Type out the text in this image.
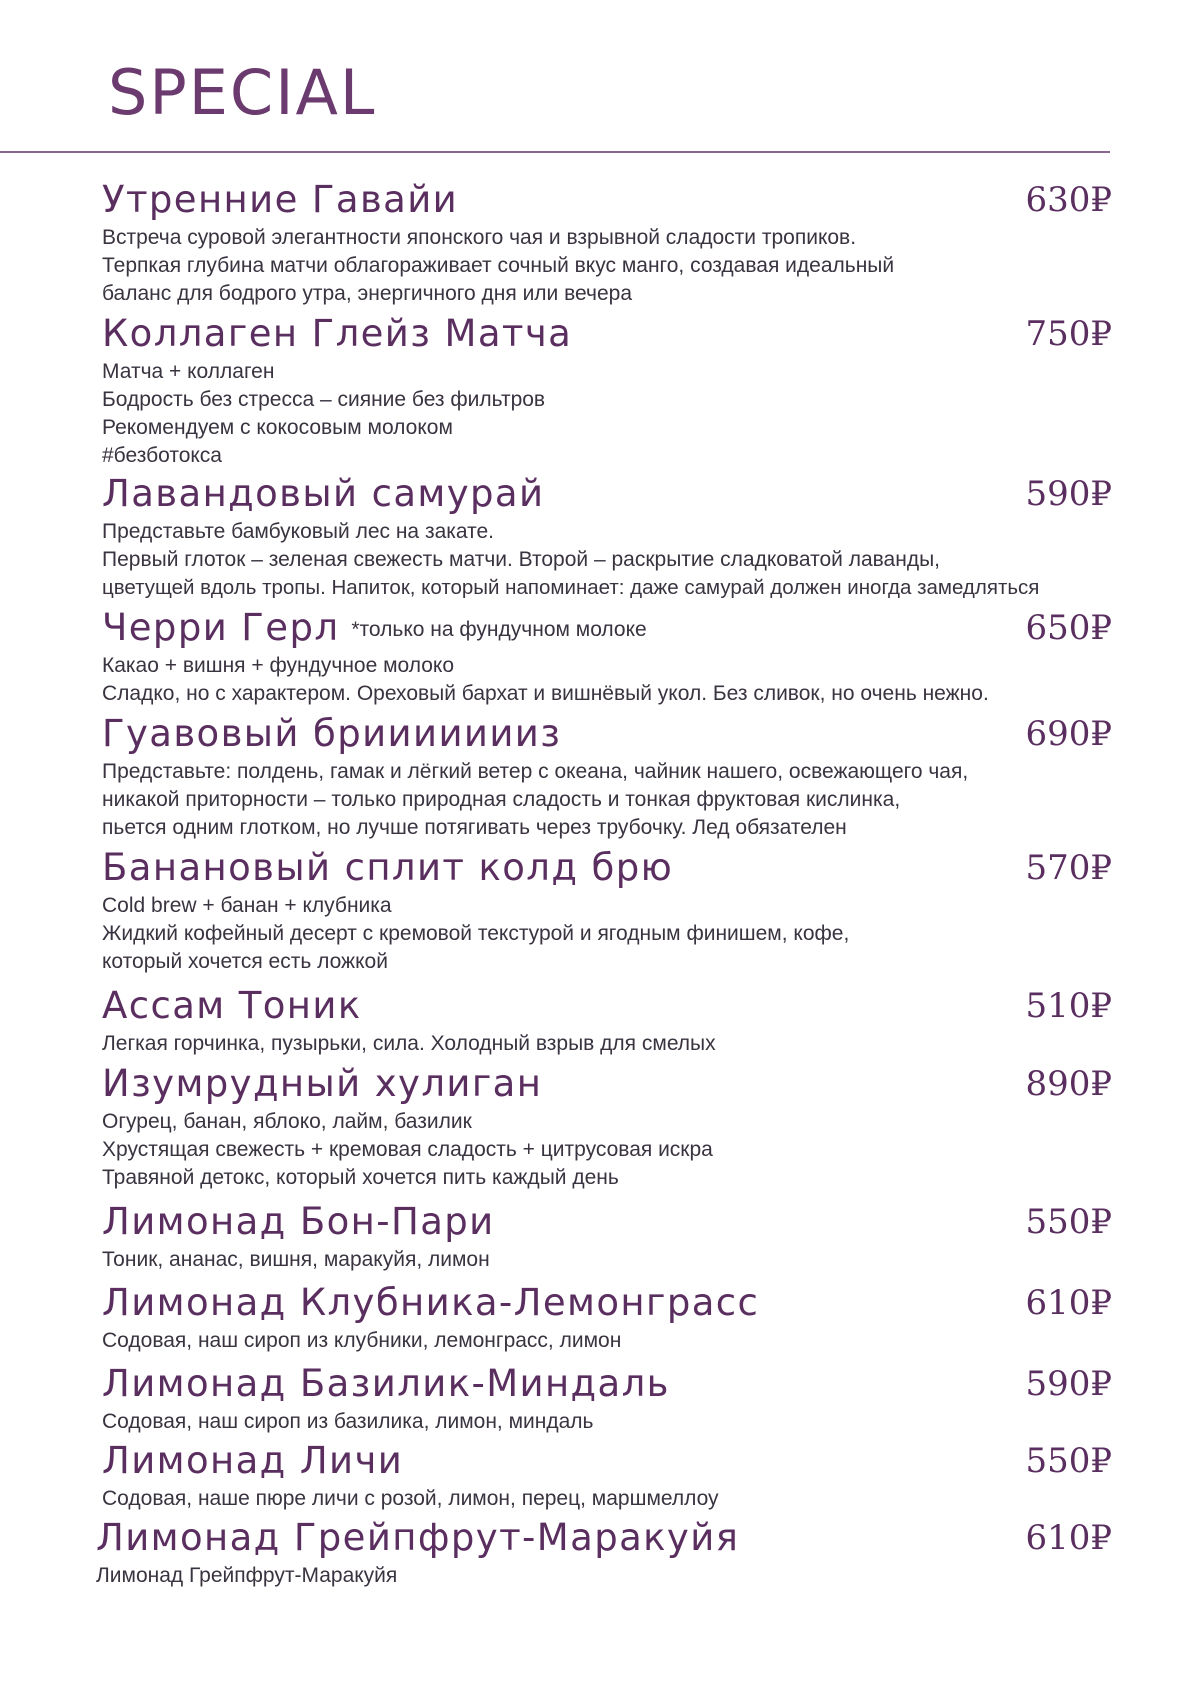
SPECIAL
Утренние Гавайи	630₽
Встреча суровой элегантности японского чая и взрывной сладости тропиков.
Терпкая глубина матчи облагораживает сочный вкус манго, создавая идеальный
баланс для бодрого утра, энергичного дня или вечера
Коллаген Глейз Матча	750₽
Матча + коллаген
Бодрость без стресса – сияние без фильтров
Рекомендуем с кокосовым молоком
#безботокса
Лавандовый самурай	590₽
Представьте бамбуковый лес на закате.
Первый глоток – зеленая свежесть матчи. Второй – раскрытие сладковатой лаванды,
цветущей вдоль тропы. Напиток, который напоминает: даже самурай должен иногда замедляться
Черри Герл *только на фундучном молоке	650₽
Какао + вишня + фундучное молоко
Сладко, но с характером. Ореховый бархат и вишнёвый укол. Без сливок, но очень нежно.
Гуавовый бриииииииз	690₽
Представьте: полдень, гамак и лёгкий ветер с океана, чайник нашего, освежающего чая,
никакой приторности – только природная сладость и тонкая фруктовая кислинка,
пьется одним глотком, но лучше потягивать через трубочку. Лед обязателен
Банановый сплит колд брю	570₽
Cold brew + банан + клубника
Жидкий кофейный десерт с кремовой текстурой и ягодным финишем, кофе,
который хочется есть ложкой
Ассам Тоник	510₽
Легкая горчинка, пузырьки, сила. Холодный взрыв для смелых
Изумрудный хулиган	890₽
Огурец, банан, яблоко, лайм, базилик
Хрустящая свежесть + кремовая сладость + цитрусовая искра
Травяной детокс, который хочется пить каждый день
Лимонад Бон-Пари	550₽
Тоник, ананас, вишня, маракуйя, лимон
Лимонад Клубника-Лемонграсс	610₽
Содовая, наш сироп из клубники, лемонграсс, лимон
Лимонад Базилик-Миндаль	590₽
Содовая, наш сироп из базилика, лимон, миндаль
Лимонад Личи	550₽
Содовая, наше пюре личи с розой, лимон, перец, маршмеллоу
Лимонад Грейпфрут-Маракуйя	610₽
Лимонад Грейпфрут-Маракуйя
